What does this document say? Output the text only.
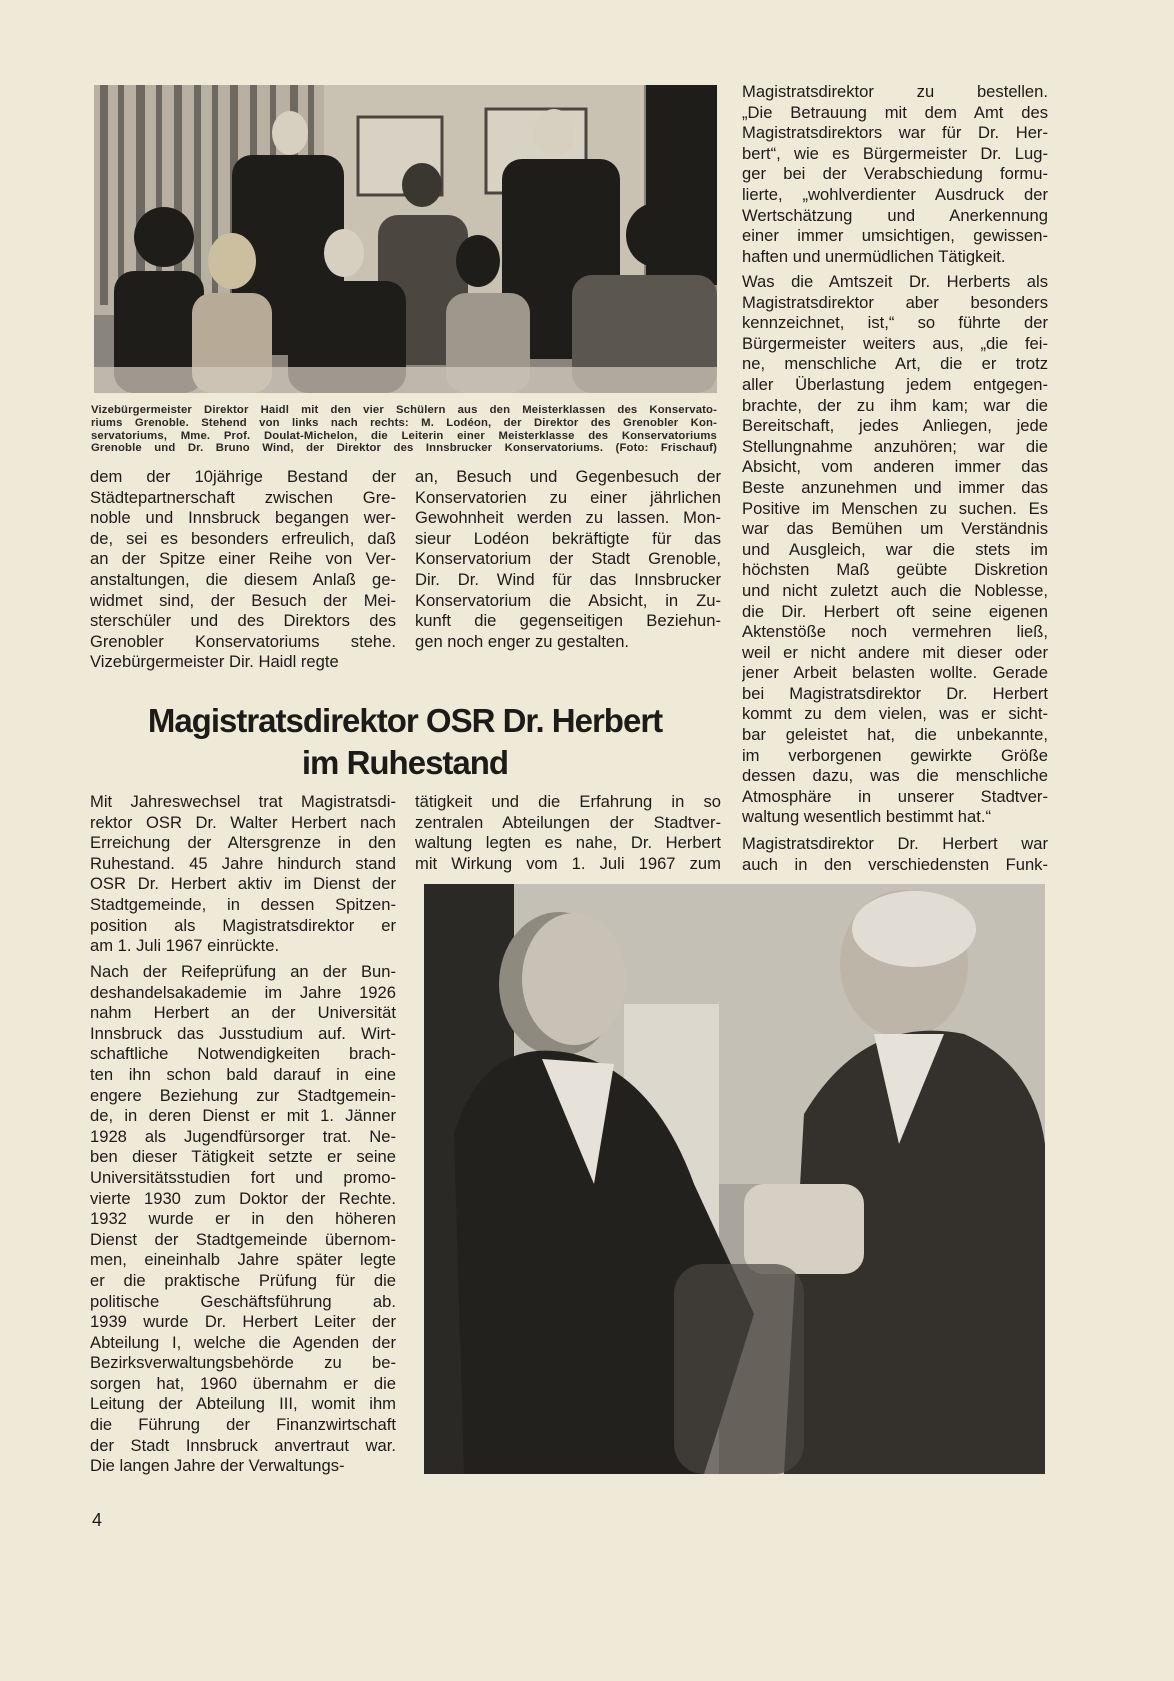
Vizebürgermeister Direktor Haidl mit den vier Schülern aus den Meisterklassen des Konservato-
riums Grenoble. Stehend von links nach rechts: M. Lodéon, der Direktor des Grenobler Kon-
servatoriums, Mme. Prof. Doulat-Michelon, die Leiterin einer Meisterklasse des Konservatoriums
Grenoble und Dr. Bruno Wind, der Direktor des Innsbrucker Konservatoriums. (Foto: Frischauf)
dem der 10jährige Bestand der
Städtepartnerschaft zwischen Gre-
noble und Innsbruck begangen wer-
de, sei es besonders erfreulich, daß
an der Spitze einer Reihe von Ver-
anstaltungen, die diesem Anlaß ge-
widmet sind, der Besuch der Mei-
sterschüler und des Direktors des
Grenobler Konservatoriums stehe.
Vizebürgermeister Dir. Haidl regte
an, Besuch und Gegenbesuch der
Konservatorien zu einer jährlichen
Gewohnheit werden zu lassen. Mon-
sieur Lodéon bekräftigte für das
Konservatorium der Stadt Grenoble,
Dir. Dr. Wind für das Innsbrucker
Konservatorium die Absicht, in Zu-
kunft die gegenseitigen Beziehun-
gen noch enger zu gestalten.
Magistratsdirektor OSR Dr. Herbert
im Ruhestand
Mit Jahreswechsel trat Magistratsdi-
rektor OSR Dr. Walter Herbert nach
Erreichung der Altersgrenze in den
Ruhestand. 45 Jahre hindurch stand
OSR Dr. Herbert aktiv im Dienst der
Stadtgemeinde, in dessen Spitzen-
position als Magistratsdirektor er
am 1. Juli 1967 einrückte.
Nach der Reifeprüfung an der Bun-
deshandelsakademie im Jahre 1926
nahm Herbert an der Universität
Innsbruck das Jusstudium auf. Wirt-
schaftliche Notwendigkeiten brach-
ten ihn schon bald darauf in eine
engere Beziehung zur Stadtgemein-
de, in deren Dienst er mit 1. Jänner
1928 als Jugendfürsorger trat. Ne-
ben dieser Tätigkeit setzte er seine
Universitätsstudien fort und promo-
vierte 1930 zum Doktor der Rechte.
1932 wurde er in den höheren
Dienst der Stadtgemeinde übernom-
men, eineinhalb Jahre später legte
er die praktische Prüfung für die
politische Geschäftsführung ab.
1939 wurde Dr. Herbert Leiter der
Abteilung I, welche die Agenden der
Bezirksverwaltungsbehörde zu be-
sorgen hat, 1960 übernahm er die
Leitung der Abteilung III, womit ihm
die Führung der Finanzwirtschaft
der Stadt Innsbruck anvertraut war.
Die langen Jahre der Verwaltungs-
tätigkeit und die Erfahrung in so
zentralen Abteilungen der Stadtver-
waltung legten es nahe, Dr. Herbert
mit Wirkung vom 1. Juli 1967 zum
Magistratsdirektor zu bestellen.
„Die Betrauung mit dem Amt des
Magistratsdirektors war für Dr. Her-
bert“, wie es Bürgermeister Dr. Lug-
ger bei der Verabschiedung formu-
lierte, „wohlverdienter Ausdruck der
Wertschätzung und Anerkennung
einer immer umsichtigen, gewissen-
haften und unermüdlichen Tätigkeit.
Was die Amtszeit Dr. Herberts als
Magistratsdirektor aber besonders
kennzeichnet, ist,“ so führte der
Bürgermeister weiters aus, „die fei-
ne, menschliche Art, die er trotz
aller Überlastung jedem entgegen-
brachte, der zu ihm kam; war die
Bereitschaft, jedes Anliegen, jede
Stellungnahme anzuhören; war die
Absicht, vom anderen immer das
Beste anzunehmen und immer das
Positive im Menschen zu suchen. Es
war das Bemühen um Verständnis
und Ausgleich, war die stets im
höchsten Maß geübte Diskretion
und nicht zuletzt auch die Noblesse,
die Dir. Herbert oft seine eigenen
Aktenstöße noch vermehren ließ,
weil er nicht andere mit dieser oder
jener Arbeit belasten wollte. Gerade
bei Magistratsdirektor Dr. Herbert
kommt zu dem vielen, was er sicht-
bar geleistet hat, die unbekannte,
im verborgenen gewirkte Größe
dessen dazu, was die menschliche
Atmosphäre in unserer Stadtver-
waltung wesentlich bestimmt hat.“
Magistratsdirektor Dr. Herbert war
auch in den verschiedensten Funk-
4
